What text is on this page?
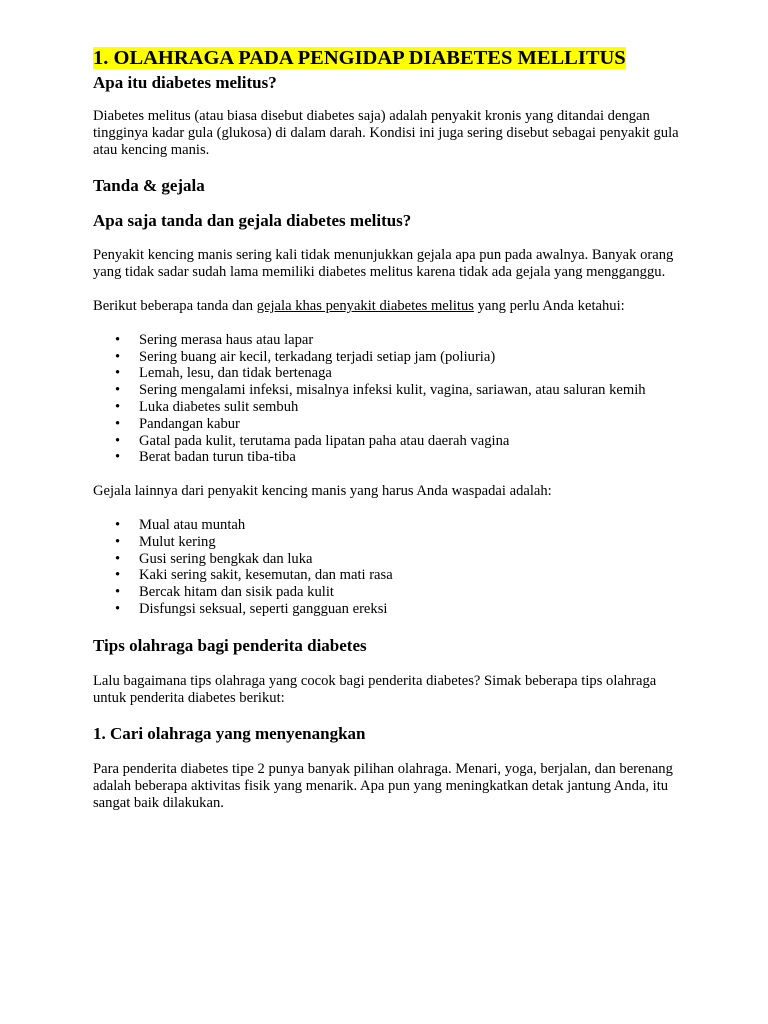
1. OLAHRAGA PADA PENGIDAP DIABETES MELLITUS
Apa itu diabetes melitus?

Diabetes melitus (atau biasa disebut diabetes saja) adalah penyakit kronis yang ditandai dengan tingginya kadar gula (glukosa) di dalam darah. Kondisi ini juga sering disebut sebagai penyakit gula atau kencing manis.

Tanda & gejala
Apa saja tanda dan gejala diabetes melitus?

Penyakit kencing manis sering kali tidak menunjukkan gejala apa pun pada awalnya. Banyak orang yang tidak sadar sudah lama memiliki diabetes melitus karena tidak ada gejala yang mengganggu.

Berikut beberapa tanda dan gejala khas penyakit diabetes melitus yang perlu Anda ketahui:

• Sering merasa haus atau lapar
• Sering buang air kecil, terkadang terjadi setiap jam (poliuria)
• Lemah, lesu, dan tidak bertenaga
• Sering mengalami infeksi, misalnya infeksi kulit, vagina, sariawan, atau saluran kemih
• Luka diabetes sulit sembuh
• Pandangan kabur
• Gatal pada kulit, terutama pada lipatan paha atau daerah vagina
• Berat badan turun tiba-tiba

Gejala lainnya dari penyakit kencing manis yang harus Anda waspadai adalah:

• Mual atau muntah
• Mulut kering
• Gusi sering bengkak dan luka
• Kaki sering sakit, kesemutan, dan mati rasa
• Bercak hitam dan sisik pada kulit
• Disfungsi seksual, seperti gangguan ereksi
Tips olahraga bagi penderita diabetes

Lalu bagaimana tips olahraga yang cocok bagi penderita diabetes? Simak beberapa tips olahraga untuk penderita diabetes berikut:

1. Cari olahraga yang menyenangkan

Para penderita diabetes tipe 2 punya banyak pilihan olahraga. Menari, yoga, berjalan, dan berenang adalah beberapa aktivitas fisik yang menarik. Apa pun yang meningkatkan detak jantung Anda, itu sangat baik dilakukan.
